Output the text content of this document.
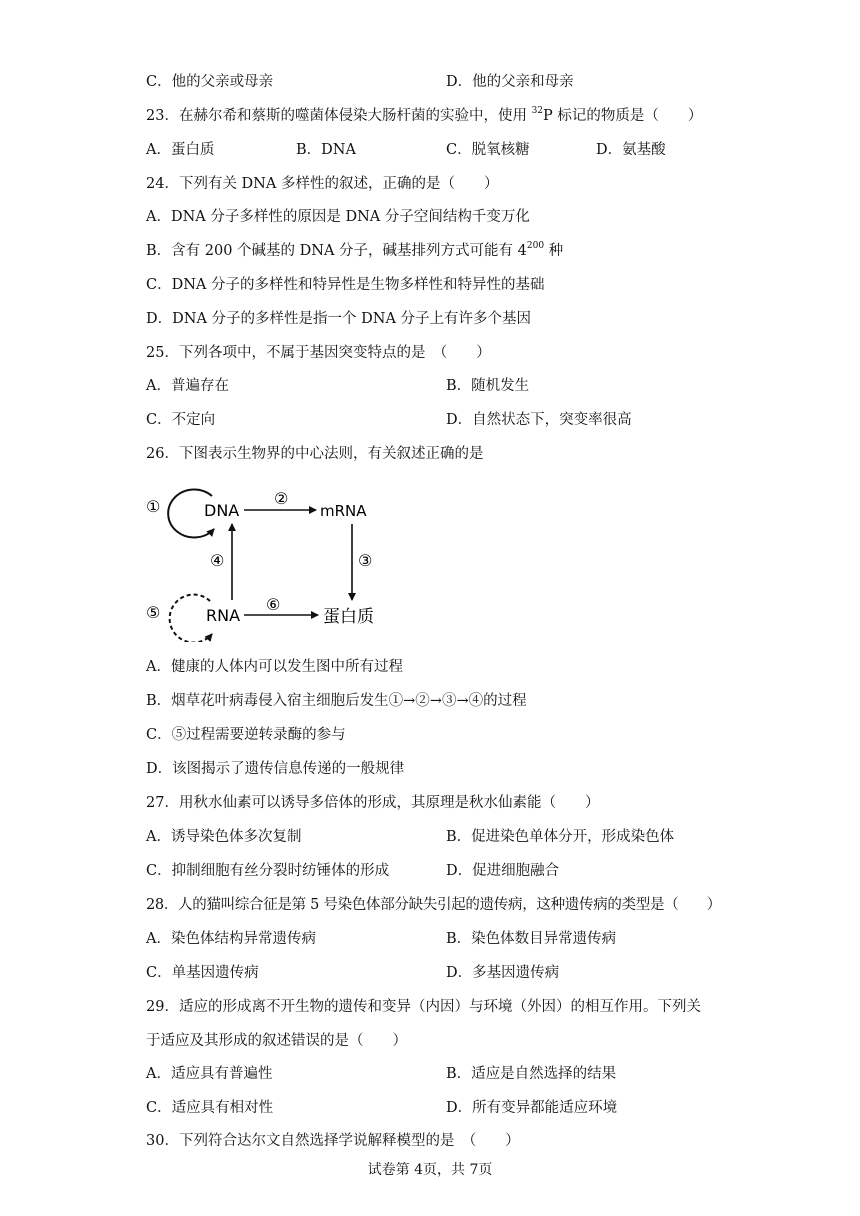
C．他的父亲或母亲	D．他的父亲和母亲
23．在赫尔希和蔡斯的噬菌体侵染大肠杆菌的实验中，使用 $^{32}$P 标记的物质是（　　）
A．蛋白质	B．DNA	C．脱氧核糖	D．氨基酸
24．下列有关 DNA 多样性的叙述，正确的是（　　）
A．DNA 分子多样性的原因是 DNA 分子空间结构千变万化
B．含有 200 个碱基的 DNA 分子，碱基排列方式可能有 $4^{200}$ 种
C．DNA 分子的多样性和特异性是生物多样性和特异性的基础
D．DNA 分子的多样性是指一个 DNA 分子上有许多个基因
25．下列各项中，不属于基因突变特点的是　（　　）
A．普遍存在	B．随机发生
C．不定向	D．自然状态下，突变率很高
26．下图表示生物界的中心法则，有关叙述正确的是
DNA	mRNA
RNA	蛋白质
①	②
③
④
⑤	⑥
A．健康的人体内可以发生图中所有过程
B．烟草花叶病毒侵入宿主细胞后发生①→②→③→④的过程
C．⑤过程需要逆转录酶的参与
D．该图揭示了遗传信息传递的一般规律
27．用秋水仙素可以诱导多倍体的形成，其原理是秋水仙素能（　　）
A．诱导染色体多次复制	B．促进染色单体分开，形成染色体
C．抑制细胞有丝分裂时纺锤体的形成	D．促进细胞融合
28．人的猫叫综合征是第 5 号染色体部分缺失引起的遗传病，这种遗传病的类型是（　　）
A．染色体结构异常遗传病	B．染色体数目异常遗传病
C．单基因遗传病	D．多基因遗传病
29．适应的形成离不开生物的遗传和变异（内因）与环境（外因）的相互作用。下列关
于适应及其形成的叙述错误的是（　　）
A．适应具有普遍性	B．适应是自然选择的结果
C．适应具有相对性	D．所有变异都能适应环境
30．下列符合达尔文自然选择学说解释模型的是　（　　）
试卷第 4页，共 7页
